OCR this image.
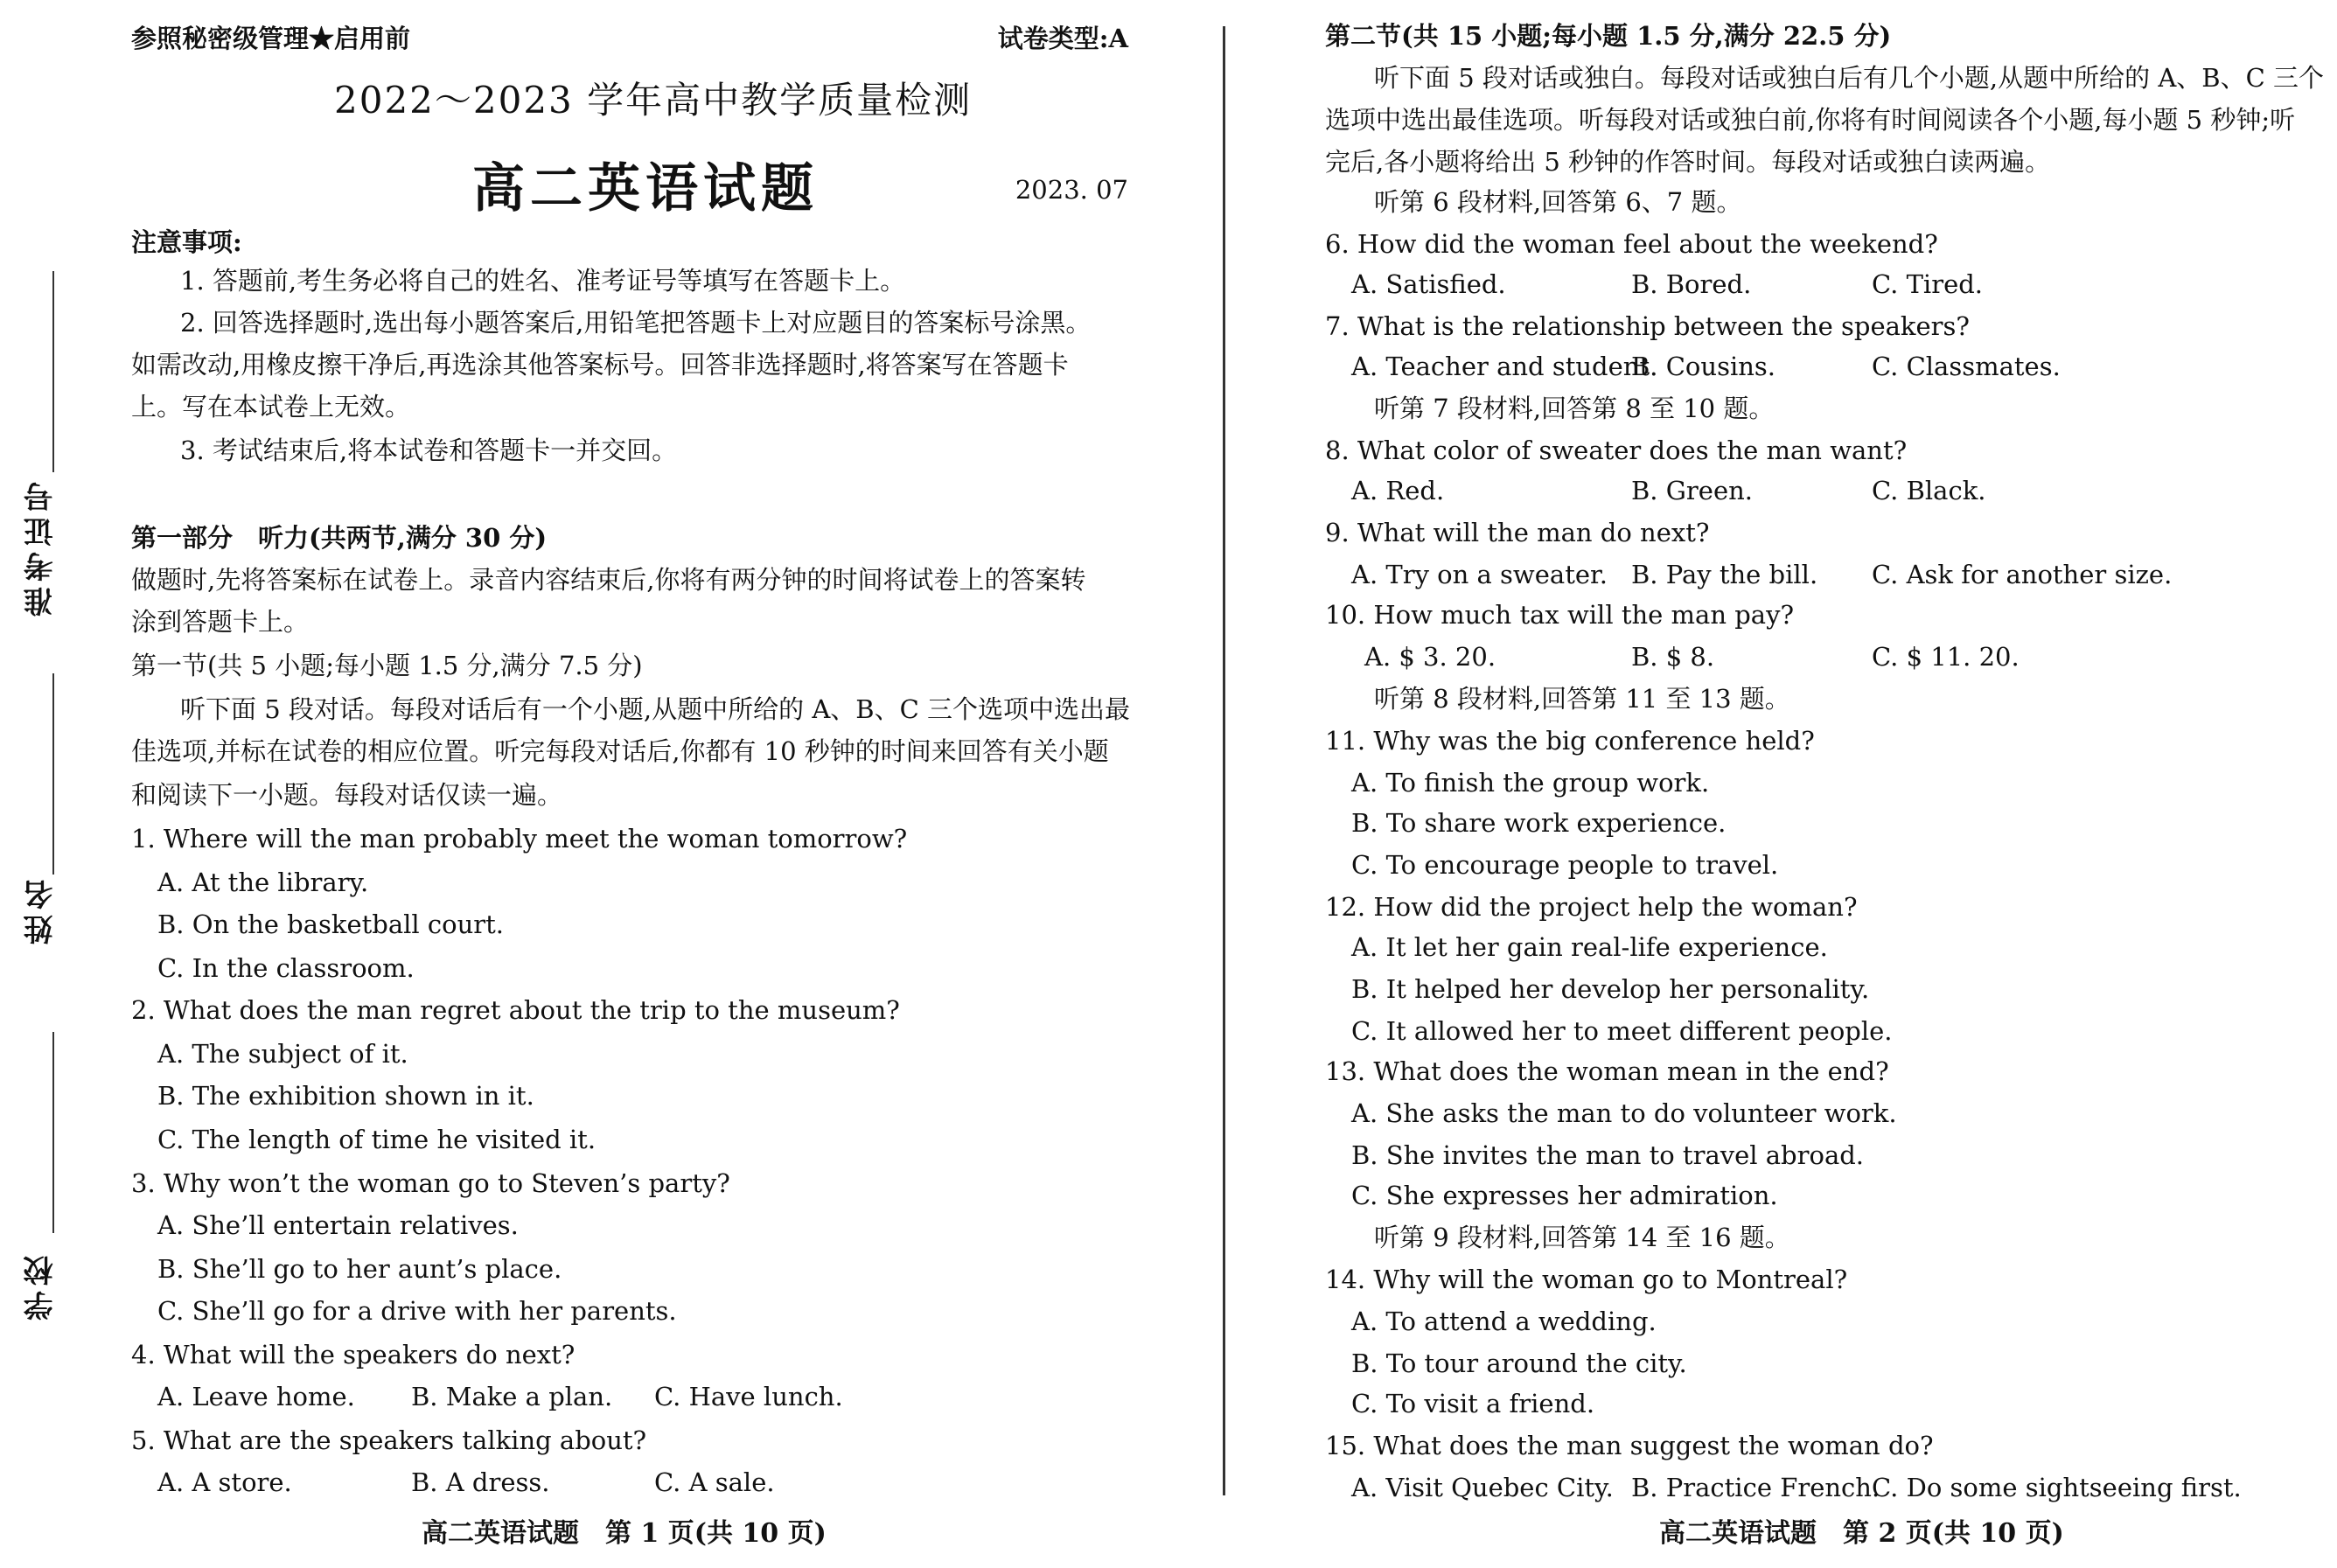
准考证号
姓名
学校
参照秘密级管理★启用前	试卷类型:A
2022～2023 学年高中教学质量检测
高二英语试题	2023. 07
注意事项:
1. 答题前,考生务必将自己的姓名、准考证号等填写在答题卡上。
2. 回答选择题时,选出每小题答案后,用铅笔把答题卡上对应题目的答案标号涂黑。
如需改动,用橡皮擦干净后,再选涂其他答案标号。回答非选择题时,将答案写在答题卡
上。写在本试卷上无效。
3. 考试结束后,将本试卷和答题卡一并交回。
第一部分　听力(共两节,满分 30 分)
做题时,先将答案标在试卷上。录音内容结束后,你将有两分钟的时间将试卷上的答案转
涂到答题卡上。
第一节(共 5 小题;每小题 1.5 分,满分 7.5 分)
听下面 5 段对话。每段对话后有一个小题,从题中所给的 A、B、C 三个选项中选出最
佳选项,并标在试卷的相应位置。听完每段对话后,你都有 10 秒钟的时间来回答有关小题
和阅读下一小题。每段对话仅读一遍。
1. Where will the man probably meet the woman tomorrow?
A. At the library.
B. On the basketball court.
C. In the classroom.
2. What does the man regret about the trip to the museum?
A. The subject of it.
B. The exhibition shown in it.
C. The length of time he visited it.
3. Why won’t the woman go to Steven’s party?
A. She’ll entertain relatives.
B. She’ll go to her aunt’s place.
C. She’ll go for a drive with her parents.
4. What will the speakers do next?
A. Leave home. B. Make a plan. C. Have lunch.
5. What are the speakers talking about?
A. A store.	B. A dress.	C. A sale.
高二英语试题　第 1 页(共 10 页)
第二节(共 15 小题;每小题 1.5 分,满分 22.5 分)
听下面 5 段对话或独白。每段对话或独白后有几个小题,从题中所给的 A、B、C 三个
选项中选出最佳选项。听每段对话或独白前,你将有时间阅读各个小题,每小题 5 秒钟;听
完后,各小题将给出 5 秒钟的作答时间。每段对话或独白读两遍。
听第 6 段材料,回答第 6、7 题。
6. How did the woman feel about the weekend?
A. Satisfied.	B. Bored.	C. Tired.
7. What is the relationship between the speakers?
A. Teacher and student.
B. Cousins.	C. Classmates.
听第 7 段材料,回答第 8 至 10 题。
8. What color of sweater does the man want?
A. Red.	B. Green.	C. Black.
9. What will the man do next?
A. Try on a sweater. B. Pay the bill. C. Ask for another size.
10. How much tax will the man pay?
A. $ 3. 20.	B. $ 8.	C. $ 11. 20.
听第 8 段材料,回答第 11 至 13 题。
11. Why was the big conference held?
A. To finish the group work.
B. To share work experience.
C. To encourage people to travel.
12. How did the project help the woman?
A. It let her gain real-life experience.
B. It helped her develop her personality.
C. It allowed her to meet different people.
13. What does the woman mean in the end?
A. She asks the man to do volunteer work.
B. She invites the man to travel abroad.
C. She expresses her admiration.
听第 9 段材料,回答第 14 至 16 题。
14. Why will the woman go to Montreal?
A. To attend a wedding.
B. To tour around the city.
C. To visit a friend.
15. What does the man suggest the woman do?
A. Visit Quebec City. B. Practice French.
C. Do some sightseeing first.
高二英语试题　第 2 页(共 10 页)
